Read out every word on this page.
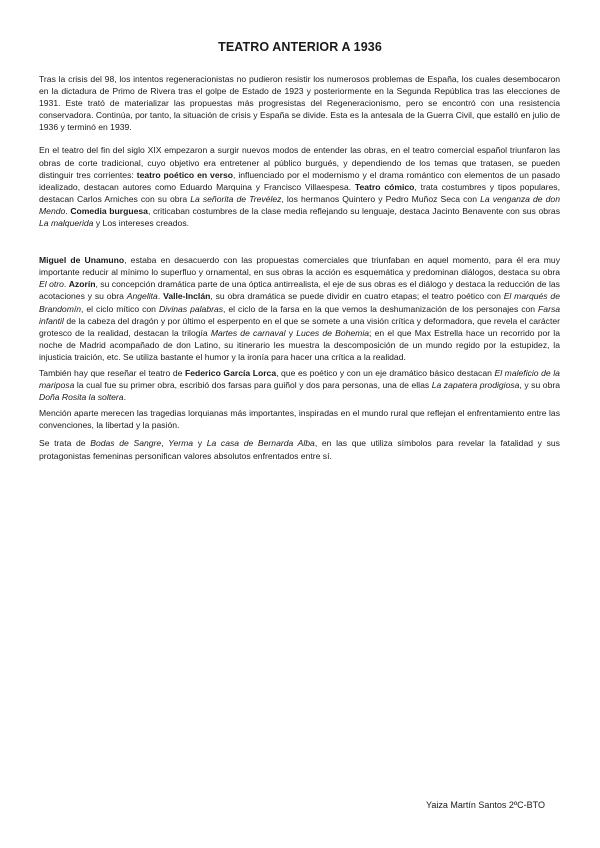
TEATRO ANTERIOR A 1936

Tras la crisis del 98, los intentos regeneracionistas no pudieron resistir los numerosos problemas de España, los cuales desembocaron en la dictadura de Primo de Rivera tras el golpe de Estado de 1923 y posteriormente en la Segunda República tras las elecciones de 1931. Este trató de materializar las propuestas más progresistas del Regeneracionismo, pero se encontró con una resistencia conservadora. Continúa, por tanto, la situación de crisis y España se divide. Esta es la antesala de la Guerra Civil, que estalló en julio de 1936 y terminó en 1939.

En el teatro del fin del siglo XIX empezaron a surgir nuevos modos de entender las obras, en el teatro comercial español triunfaron las obras de corte tradicional, cuyo objetivo era entretener al público burgués, y dependiendo de los temas que tratasen, se pueden distinguir tres corrientes: teatro poético en verso, influenciado por el modernismo y el drama romántico con elementos de un pasado idealizado, destacan autores como Eduardo Marquina y Francisco Villaespesa. Teatro cómico, trata costumbres y tipos populares, destacan Carlos Arniches con su obra La señorita de Trevélez, los hermanos Quintero y Pedro Muñoz Seca con La venganza de don Mendo. Comedia burguesa, criticaban costumbres de la clase media reflejando su lenguaje, destaca Jacinto Benavente con sus obras La malquerida y Los intereses creados.

Miguel de Unamuno, estaba en desacuerdo con las propuestas comerciales que triunfaban en aquel momento, para él era muy importante reducir al mínimo lo superfluo y ornamental, en sus obras la acción es esquemática y predominan diálogos, destaca su obra El otro. Azorín, su concepción dramática parte de una óptica antirrealista, el eje de sus obras es el diálogo y destaca la reducción de las acotaciones y su obra Angelita. Valle-Inclán, su obra dramática se puede dividir en cuatro etapas; el teatro poético con El marqués de Brandomín, el ciclo mítico con Divinas palabras, el ciclo de la farsa en la que vemos la deshumanización de los personajes con Farsa infantil de la cabeza del dragón y por último el esperpento en el que se somete a una visión crítica y deformadora, que revela el carácter grotesco de la realidad, destacan la trilogía Martes de carnaval y Luces de Bohemia; en el que Max Estrella hace un recorrido por la noche de Madrid acompañado de don Latino, su itinerario les muestra la descomposición de un mundo regido por la estupidez, la injusticia traición, etc. Se utiliza bastante el humor y la ironía para hacer una crítica a la realidad.

También hay que reseñar el teatro de Federico García Lorca, que es poético y con un eje dramático básico destacan El maleficio de la mariposa la cual fue su primer obra, escribió dos farsas para guiñol y dos para personas, una de ellas La zapatera prodigiosa, y su obra Doña Rosita la soltera.

Mención aparte merecen las tragedias lorquianas más importantes, inspiradas en el mundo rural que reflejan el enfrentamiento entre las convenciones, la libertad y la pasión.

Se trata de Bodas de Sangre, Yerma y La casa de Bernarda Alba, en las que utiliza símbolos para revelar la fatalidad y sus protagonistas femeninas personifican valores absolutos enfrentados entre sí.

Yaiza Martín Santos 2ºC-BTO
